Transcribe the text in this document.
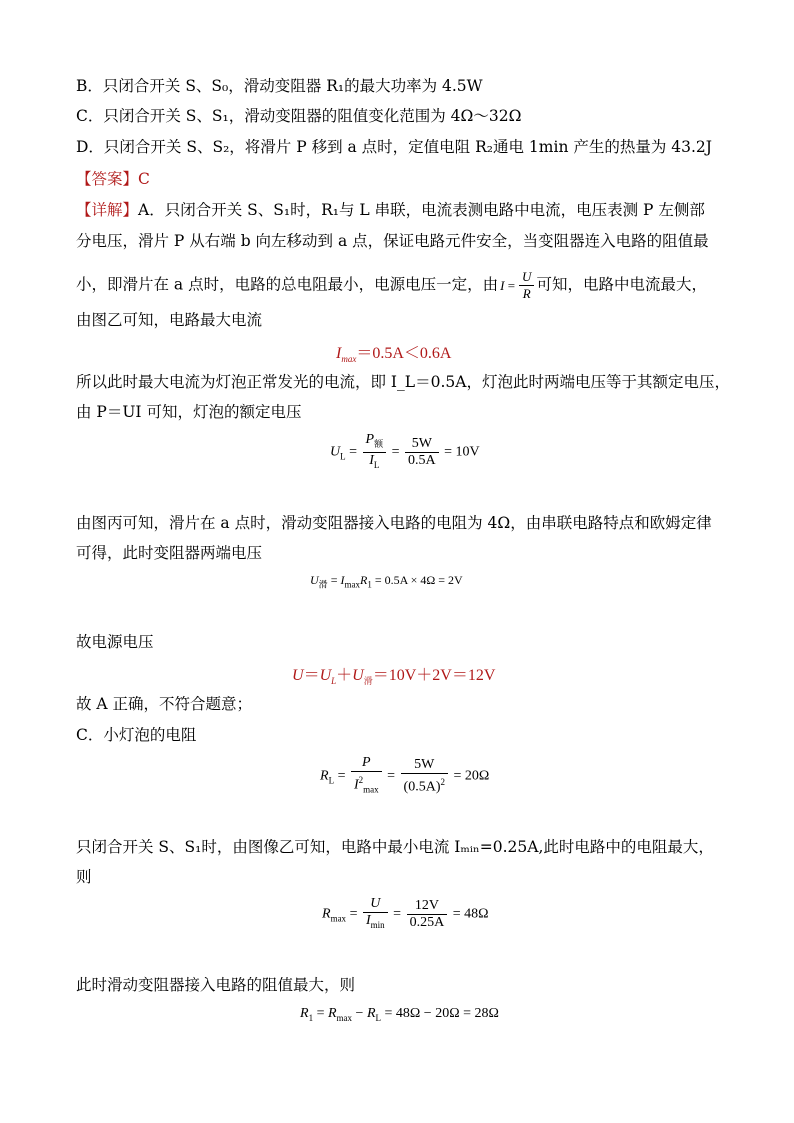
B．只闭合开关 S、S₀，滑动变阻器 R₁的最大功率为 4.5W
C．只闭合开关 S、S₁，滑动变阻器的阻值变化范围为 4Ω～32Ω
D．只闭合开关 S、S₂，将滑片 P 移到 a 点时，定值电阻 R₂通电 1min 产生的热量为 43.2J
【答案】C
【详解】A．只闭合开关 S、S₁时，R₁与 L 串联，电流表测电路中电流，电压表测 P 左侧部
分电压，滑片 P 从右端 b 向左移动到 a 点，保证电路元件安全，当变阻器连入电路的阻值最
小，即滑片在 a 点时，电路的总电阻最小，电源电压一定，由 $I = \frac{U}{R}$ 可知，电路中电流最大，
由图乙可知，电路最大电流
$I_{max}=0.5A<0.6A$
所以此时最大电流为灯泡正常发光的电流，即 I_L＝0.5A，灯泡此时两端电压等于其额定电压，
由 P＝UI 可知，灯泡的额定电压
$U_L = \frac{P_额}{I_L} = \frac{5W}{0.5A} = 10V$
由图丙可知，滑片在 a 点时，滑动变阻器接入电路的电阻为 4Ω，由串联电路特点和欧姆定律
可得，此时变阻器两端电压
$U_滑 = I_{max}R_1 = 0.5A \times 4\Omega = 2V$
故电源电压
$U=U_L+U_滑=10V+2V=12V$
故 A 正确，不符合题意；
C．小灯泡的电阻
$R_L = \frac{P}{I^2_{max}} = \frac{5W}{(0.5A)^2} = 20\Omega$
只闭合开关 S、S₁时，由图像乙可知，电路中最小电流 Iₘᵢₙ=0.25A,此时电路中的电阻最大，
则
$R_{max} = \frac{U}{I_{min}} = \frac{12V}{0.25A} = 48\Omega$
此时滑动变阻器接入电路的阻值最大，则
$R_1 = R_{max} - R_L = 48\Omega - 20\Omega = 28\Omega$
